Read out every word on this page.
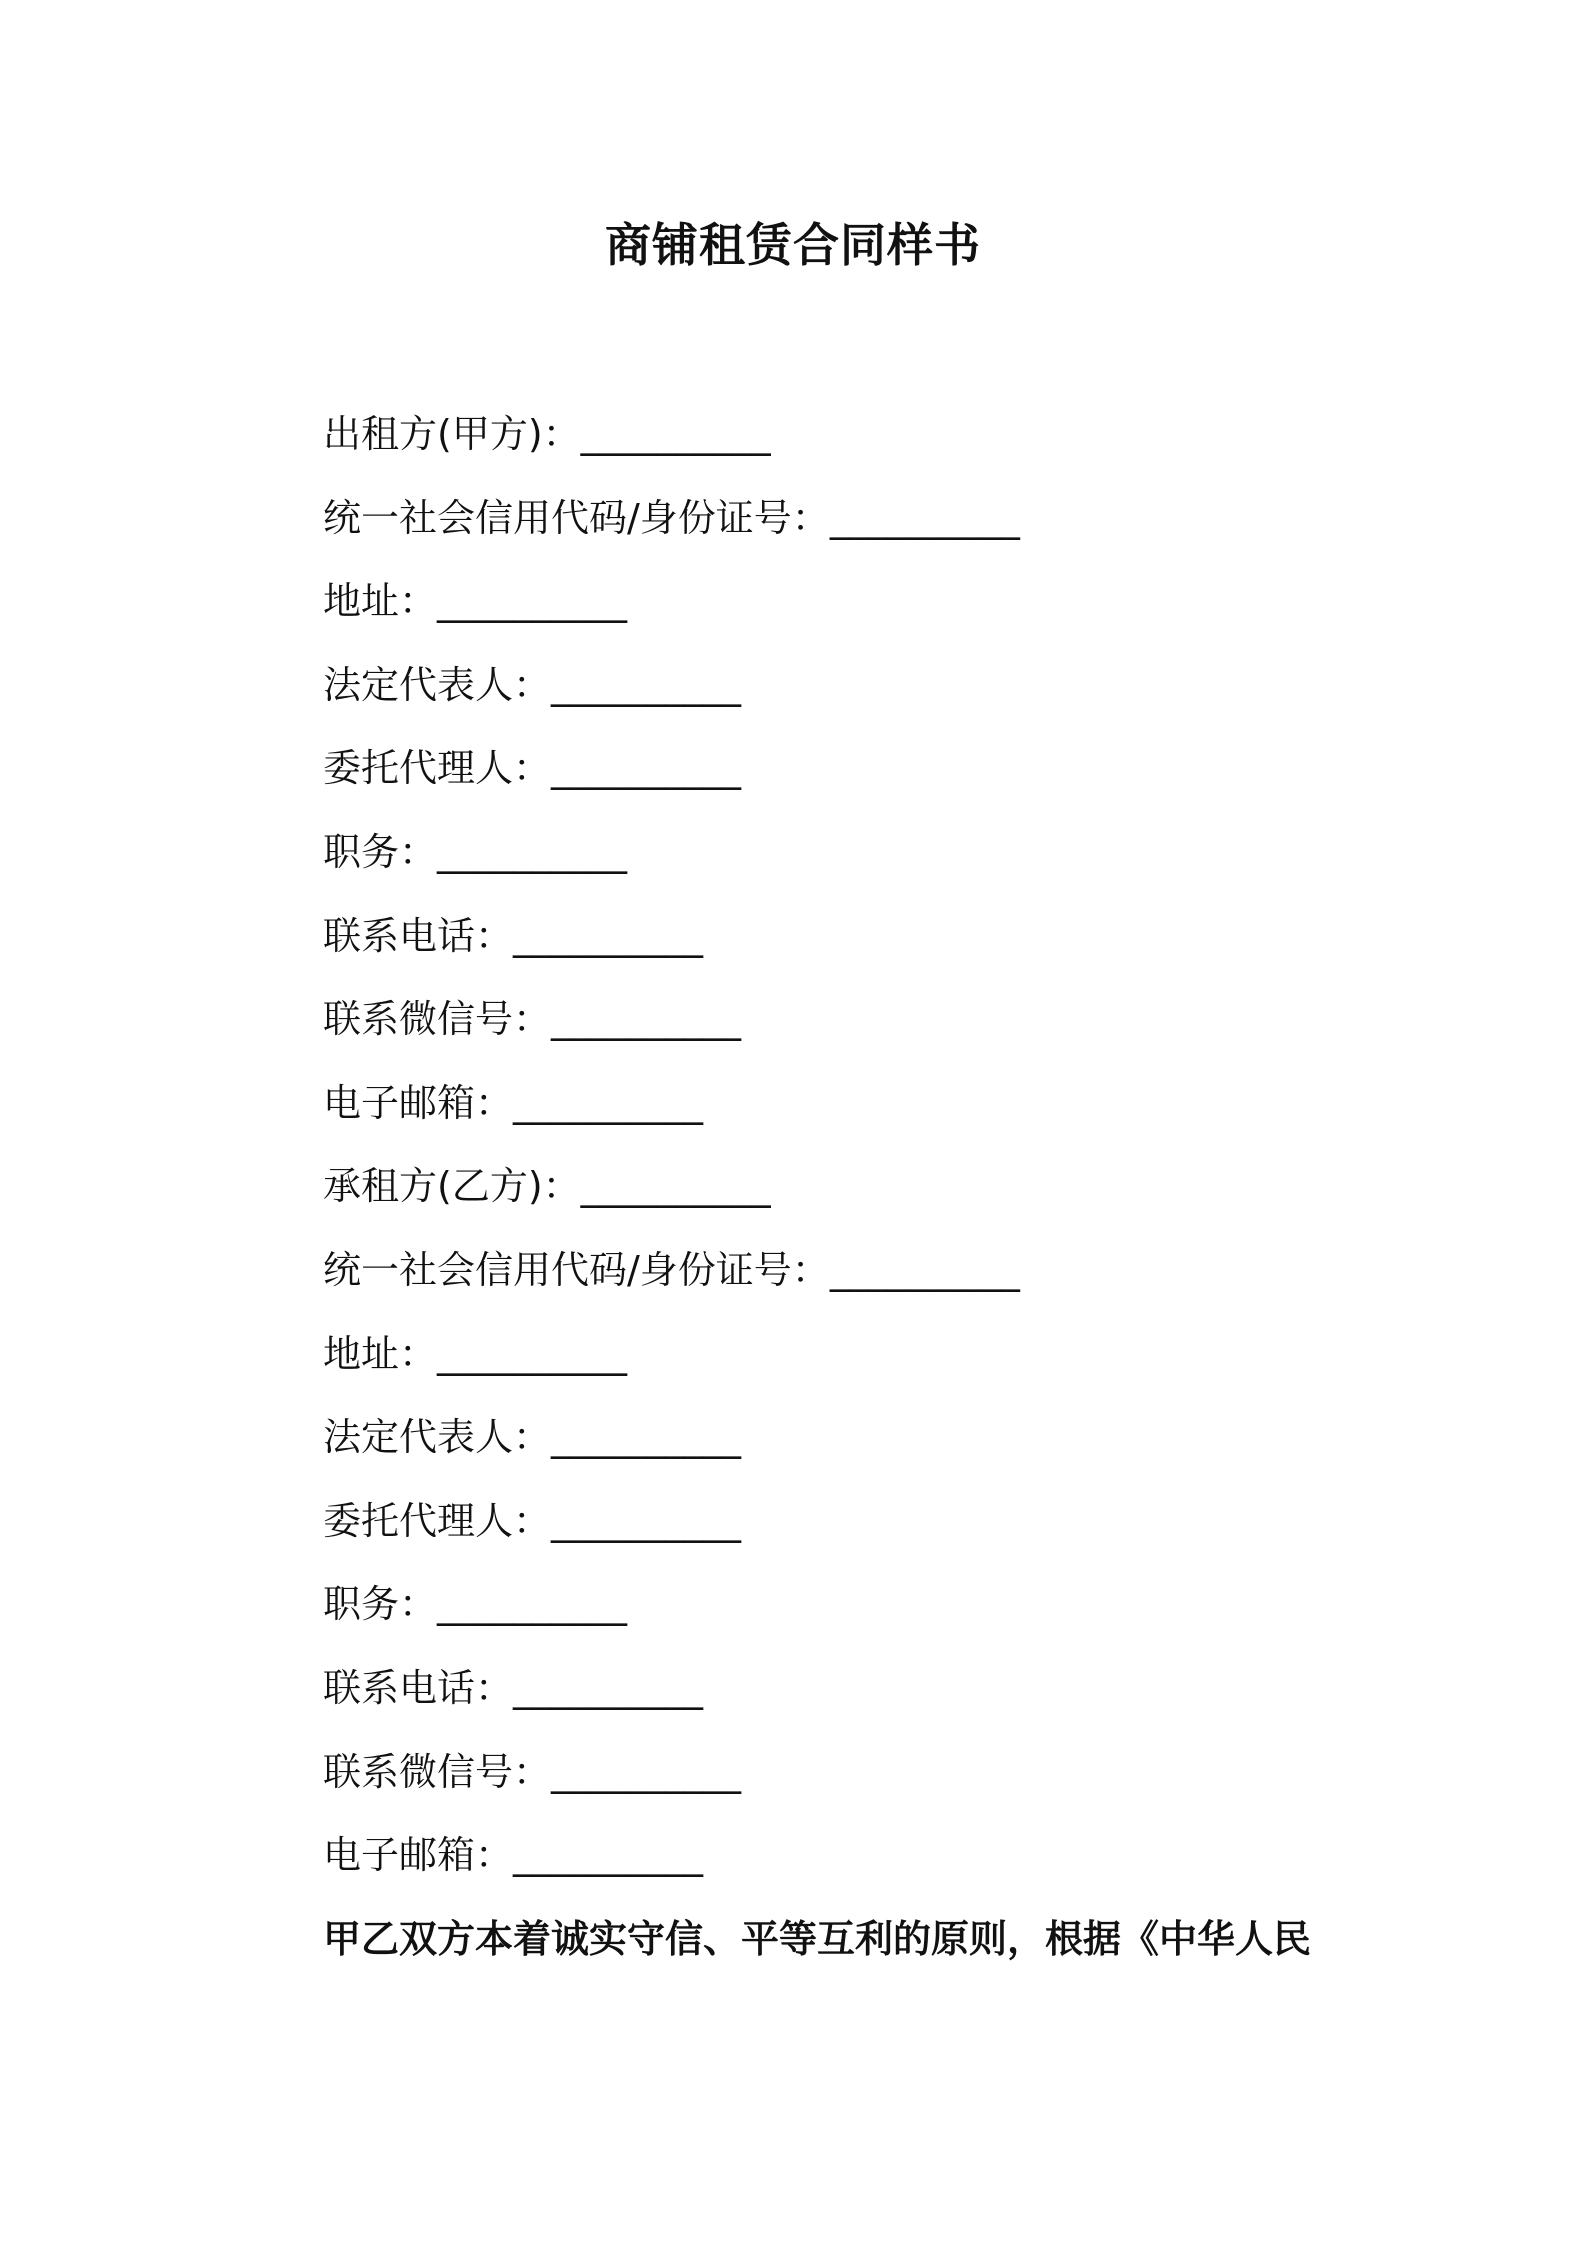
商铺租赁合同样书
出租方(甲方)：__________
统一社会信用代码/身份证号：__________
地址：__________
法定代表人：__________
委托代理人：__________
职务：__________
联系电话：__________
联系微信号：__________
电子邮箱：__________
承租方(乙方)：__________
统一社会信用代码/身份证号：__________
地址：__________
法定代表人：__________
委托代理人：__________
职务：__________
联系电话：__________
联系微信号：__________
电子邮箱：__________
甲乙双方本着诚实守信、平等互利的原则，根据《中华人民
